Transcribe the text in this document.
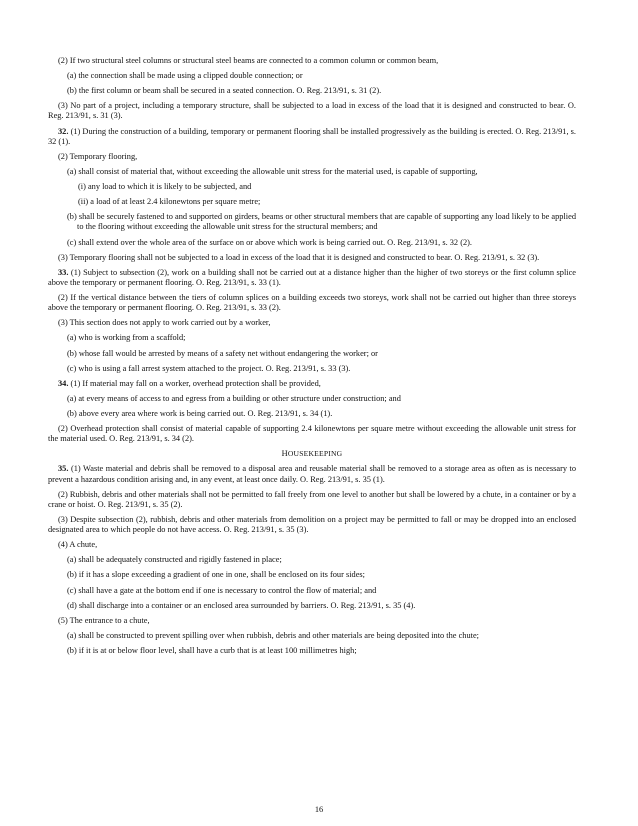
(2) If two structural steel columns or structural steel beams are connected to a common column or common beam,

(a) the connection shall be made using a clipped double connection; or

(b) the first column or beam shall be secured in a seated connection. O. Reg. 213/91, s. 31 (2).

(3) No part of a project, including a temporary structure, shall be subjected to a load in excess of the load that it is designed and constructed to bear. O. Reg. 213/91, s. 31 (3).

32. (1) During the construction of a building, temporary or permanent flooring shall be installed progressively as the building is erected. O. Reg. 213/91, s. 32 (1).

(2) Temporary flooring,

(a) shall consist of material that, without exceeding the allowable unit stress for the material used, is capable of supporting,

(i) any load to which it is likely to be subjected, and

(ii) a load of at least 2.4 kilonewtons per square metre;

(b) shall be securely fastened to and supported on girders, beams or other structural members that are capable of supporting any load likely to be applied to the flooring without exceeding the allowable unit stress for the structural members; and

(c) shall extend over the whole area of the surface on or above which work is being carried out. O. Reg. 213/91, s. 32 (2).

(3) Temporary flooring shall not be subjected to a load in excess of the load that it is designed and constructed to bear. O. Reg. 213/91, s. 32 (3).

33. (1) Subject to subsection (2), work on a building shall not be carried out at a distance higher than the higher of two storeys or the first column splice above the temporary or permanent flooring. O. Reg. 213/91, s. 33 (1).

(2) If the vertical distance between the tiers of column splices on a building exceeds two storeys, work shall not be carried out higher than three storeys above the temporary or permanent flooring. O. Reg. 213/91, s. 33 (2).

(3) This section does not apply to work carried out by a worker,

(a) who is working from a scaffold;

(b) whose fall would be arrested by means of a safety net without endangering the worker; or

(c) who is using a fall arrest system attached to the project. O. Reg. 213/91, s. 33 (3).

34. (1) If material may fall on a worker, overhead protection shall be provided,

(a) at every means of access to and egress from a building or other structure under construction; and

(b) above every area where work is being carried out. O. Reg. 213/91, s. 34 (1).

(2) Overhead protection shall consist of material capable of supporting 2.4 kilonewtons per square metre without exceeding the allowable unit stress for the material used. O. Reg. 213/91, s. 34 (2).

HOUSEKEEPING

35. (1) Waste material and debris shall be removed to a disposal area and reusable material shall be removed to a storage area as often as is necessary to prevent a hazardous condition arising and, in any event, at least once daily. O. Reg. 213/91, s. 35 (1).

(2) Rubbish, debris and other materials shall not be permitted to fall freely from one level to another but shall be lowered by a chute, in a container or by a crane or hoist. O. Reg. 213/91, s. 35 (2).

(3) Despite subsection (2), rubbish, debris and other materials from demolition on a project may be permitted to fall or may be dropped into an enclosed designated area to which people do not have access. O. Reg. 213/91, s. 35 (3).

(4) A chute,

(a) shall be adequately constructed and rigidly fastened in place;

(b) if it has a slope exceeding a gradient of one in one, shall be enclosed on its four sides;

(c) shall have a gate at the bottom end if one is necessary to control the flow of material; and

(d) shall discharge into a container or an enclosed area surrounded by barriers. O. Reg. 213/91, s. 35 (4).

(5) The entrance to a chute,

(a) shall be constructed to prevent spilling over when rubbish, debris and other materials are being deposited into the chute;

(b) if it is at or below floor level, shall have a curb that is at least 100 millimetres high;

16
